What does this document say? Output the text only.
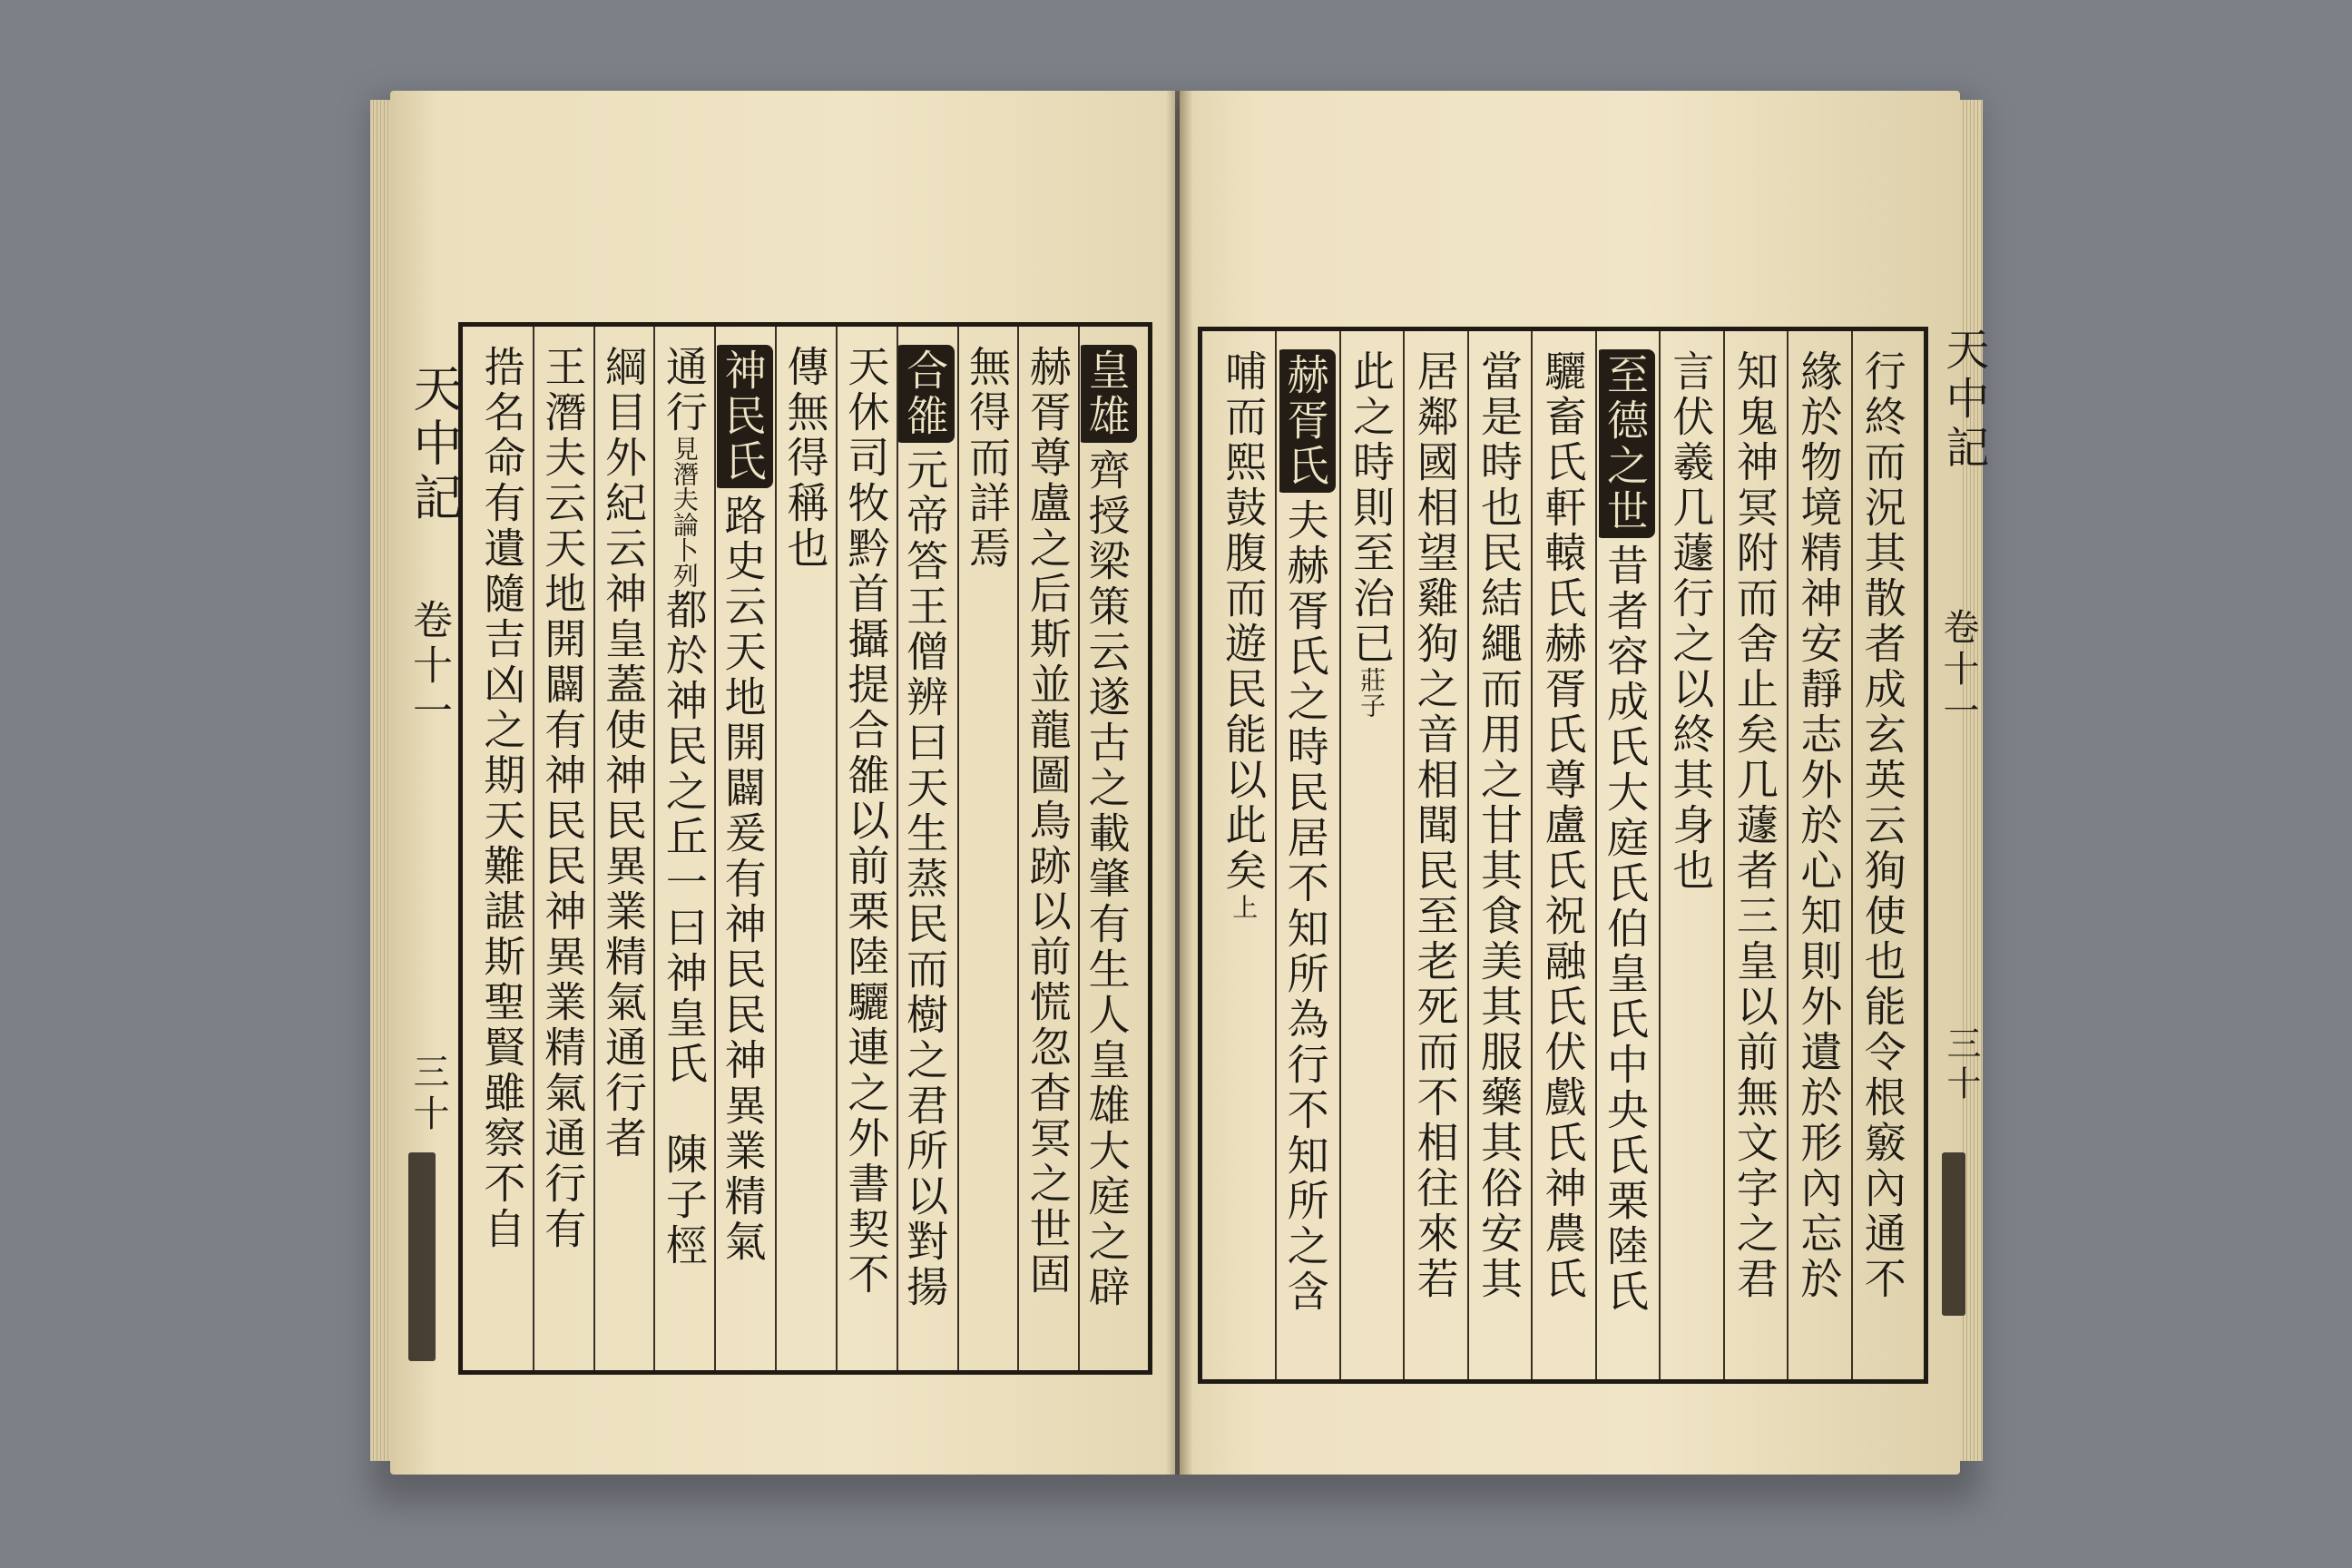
天中記
卷十一
三十
天中記
卷十一
三十
皇雄齊授梁策云遂古之載肇有生人皇雄大庭之辟
赫胥尊盧之后斯並龍圖鳥跡以前慌忽杳冥之世固
無得而詳焉
合雒元帝答王僧辨曰天生蒸民而樹之君所以對揚
天休司牧黔首攝提合雒以前栗陸驪連之外書契不
傳無得稱也
神民氏路史云天地開闢爰有神民民神異業精氣
通行見潛夫論卜列都於神民之丘一曰神皇氏　陳子桱
綱目外紀云神皇蓋使神民異業精氣通行者
王潛夫云天地開闢有神民民神異業精氣通行有
捁名命有遺隨吉凶之期天難諶斯聖賢雖察不自	行終而況其散者成玄英云狥使也能令根竅內通不
緣於物境精神安靜志外於心知則外遺於形內忘於
知鬼神冥附而舍止矣几蘧者三皇以前無文字之君
言伏羲几蘧行之以終其身也
至德之世昔者容成氏大庭氏伯皇氏中央氏栗陸氏
驪畜氏軒轅氏赫胥氏尊盧氏祝融氏伏戲氏神農氏
當是時也民結繩而用之甘其食美其服藥其俗安其
居鄰國相望雞狗之音相聞民至老死而不相往來若
此之時則至治已莊子
赫胥氏夫赫胥氏之時民居不知所為行不知所之含
哺而熙鼓腹而遊民能以此矣上
